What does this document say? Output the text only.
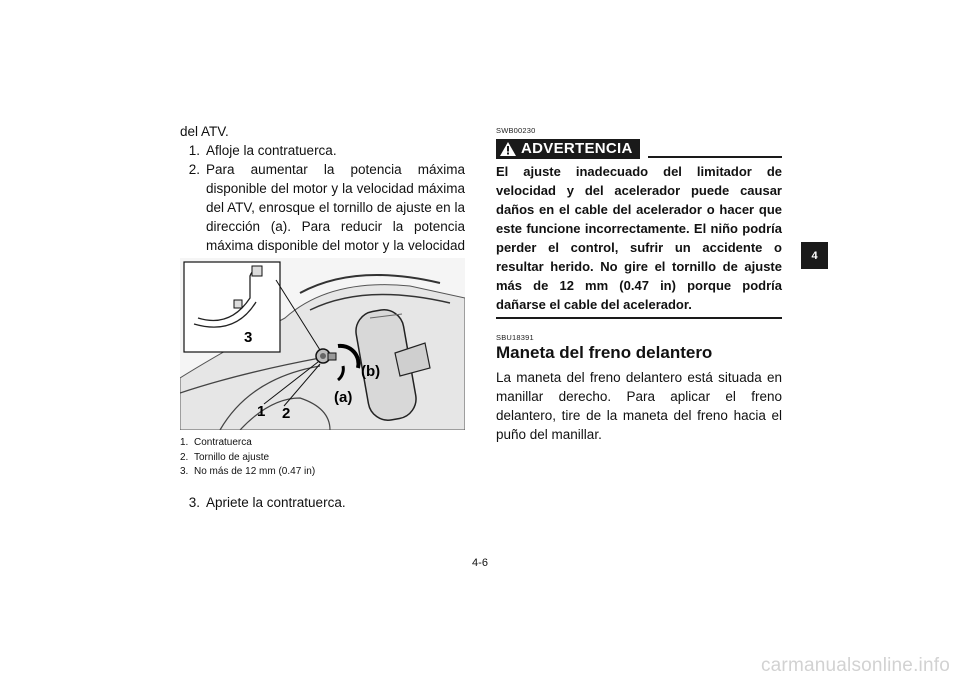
del ATV.
1. Afloje la contratuerca.
2. Para aumentar la potencia máxima disponible del motor y la velocidad máxima del ATV, enrosque el tornillo de ajuste en la dirección (a). Para reducir la potencia máxima disponible del motor y la velocidad
3
1 2
(a)
(b)
1. Contratuerca
2. Tornillo de ajuste
3. No más de 12 mm (0.47 in)
3. Apriete la contratuerca.
SWB00230
ADVERTENCIA
El ajuste inadecuado del limitador de velocidad y del acelerador puede causar daños en el cable del acelerador o hacer que este funcione incorrectamente. El niño podría perder el control, sufrir un accidente o resultar herido. No gire el tornillo de ajuste más de 12 mm (0.47 in) porque podría dañarse el cable del acelerador.
SBU18391
Maneta del freno delantero
La maneta del freno delantero está situada en manillar derecho. Para aplicar el freno delantero, tire de la maneta del freno hacia el puño del manillar.
4
4-6
carmanualsonline.info
